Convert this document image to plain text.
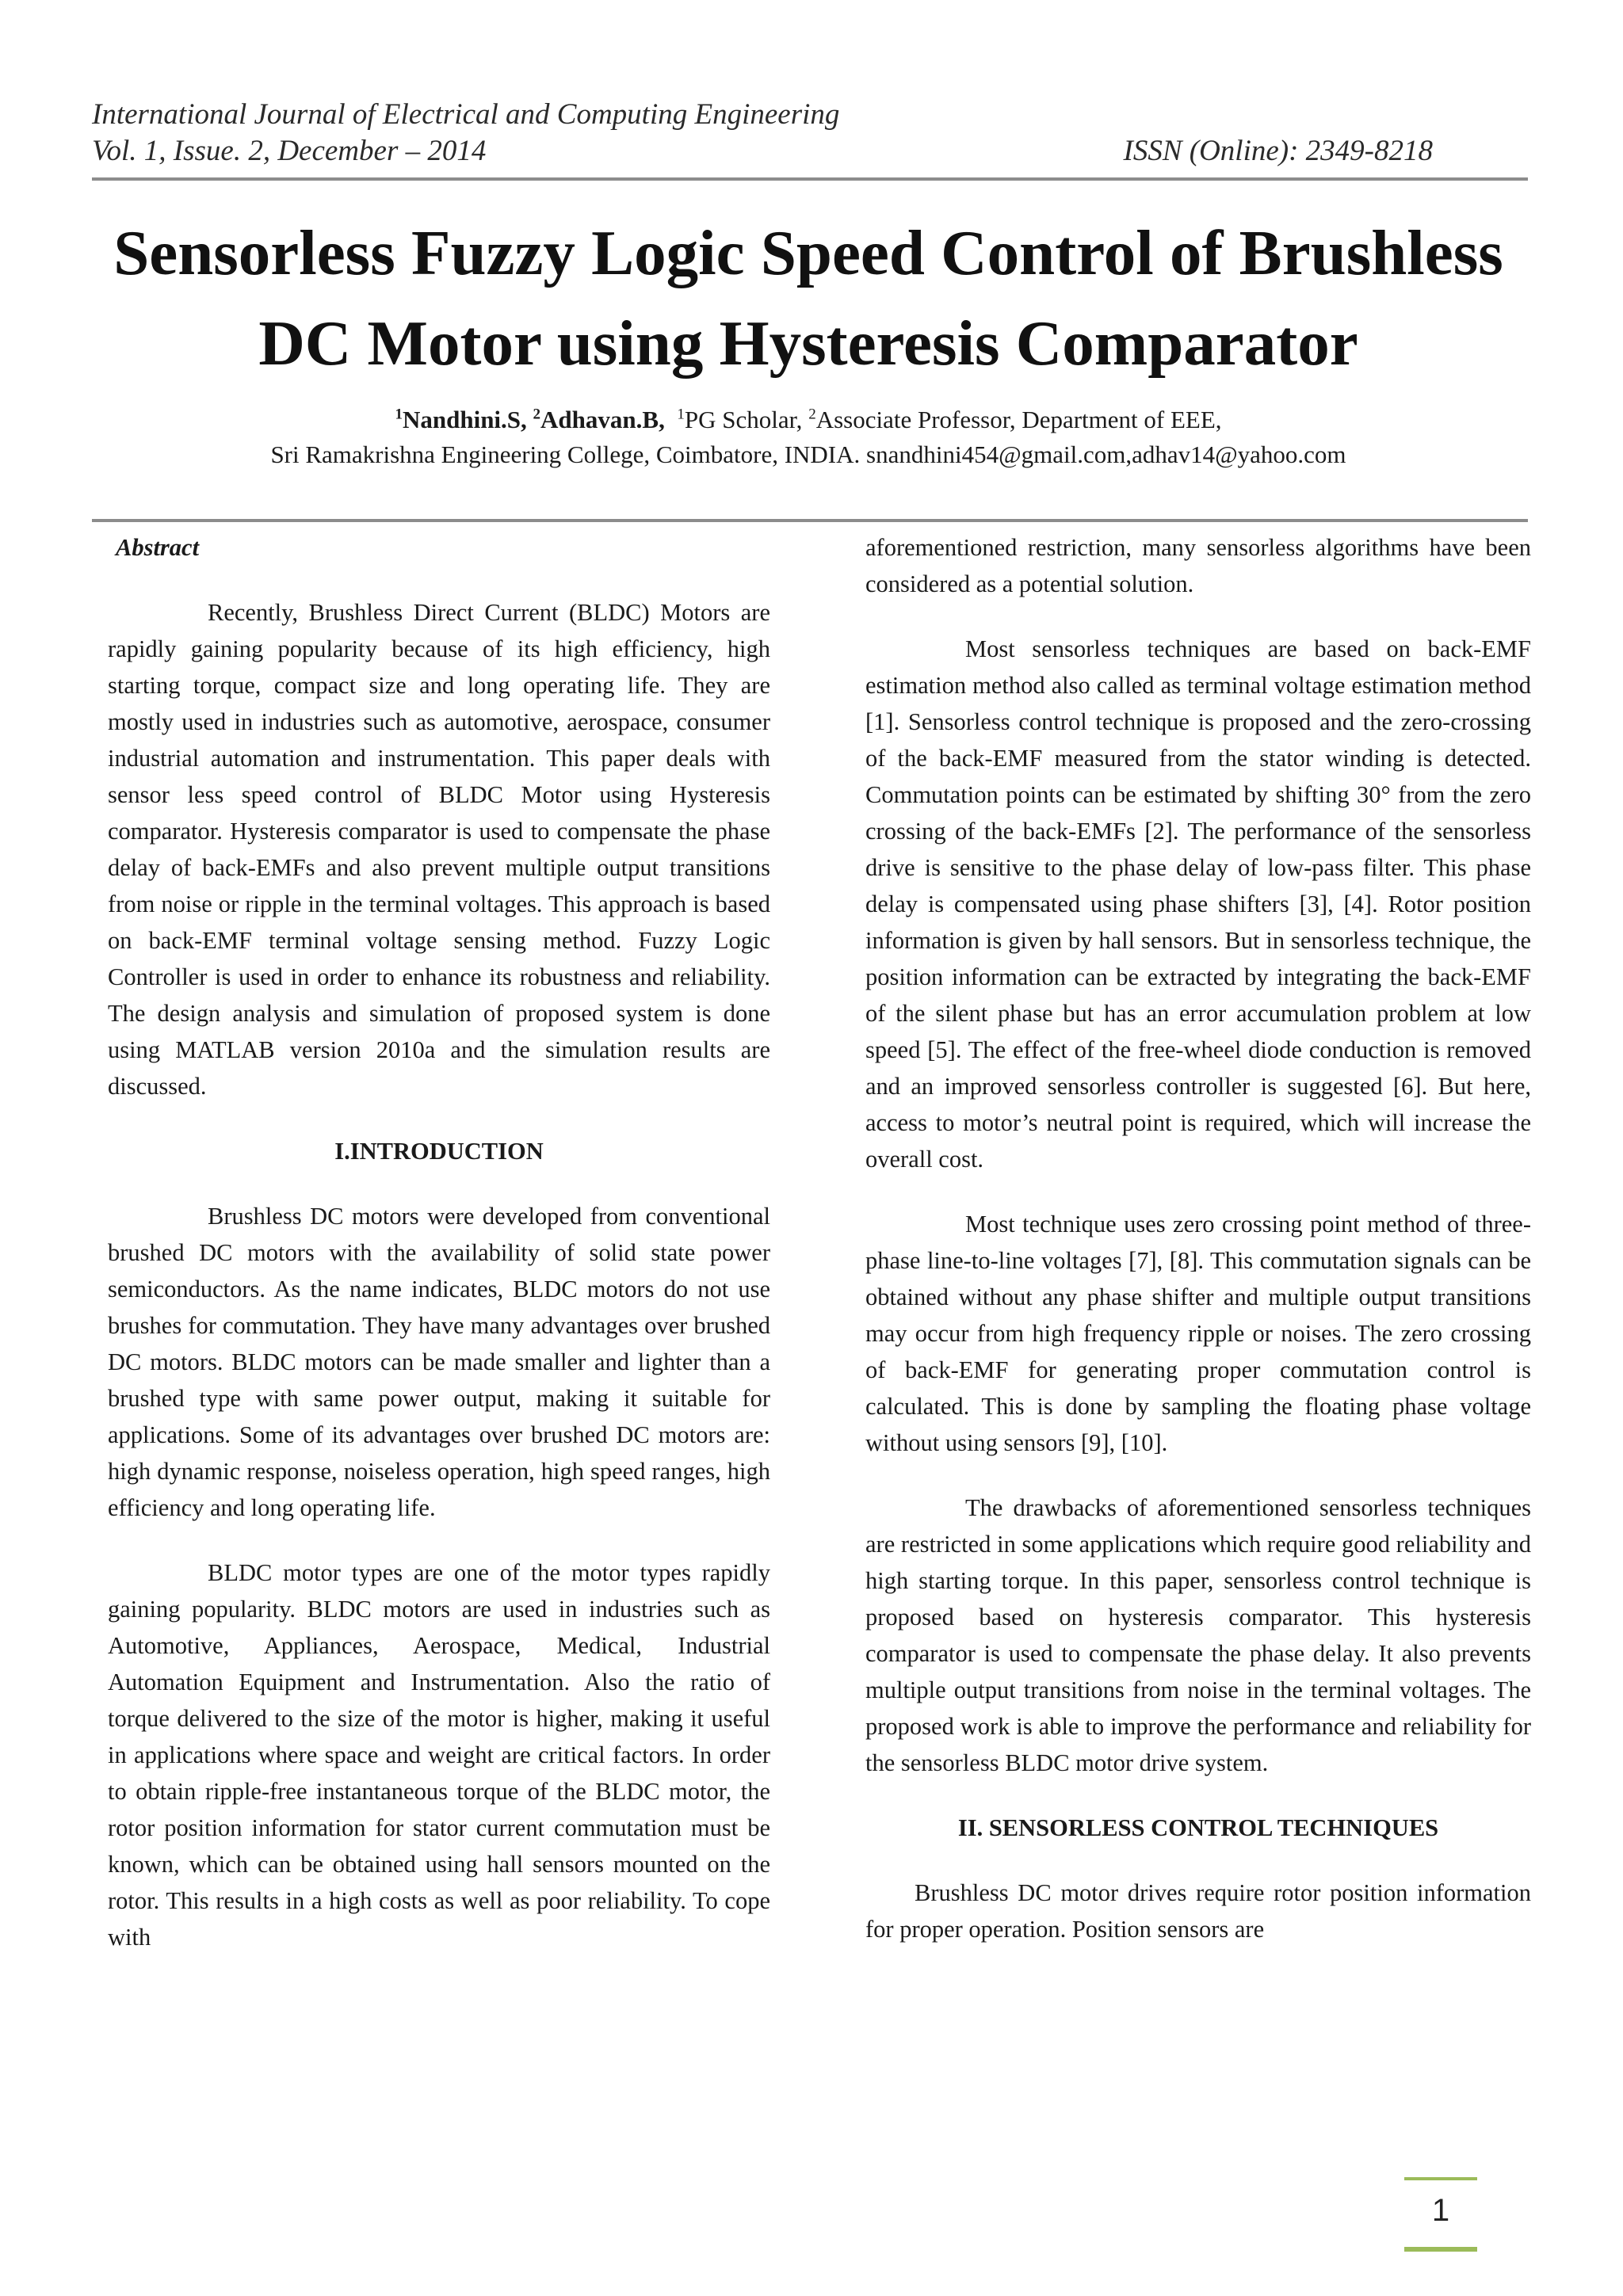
International Journal of Electrical and Computing Engineering
Vol. 1, Issue. 2, December – 2014	ISSN (Online): 2349-8218
Sensorless Fuzzy Logic Speed Control of Brushless
DC Motor using Hysteresis Comparator
$^1$Nandhini.S, $^2$Adhavan.B,  $^1$PG Scholar, $^2$Associate Professor, Department of EEE,
Sri Ramakrishna Engineering College, Coimbatore, INDIA. snandhini454@gmail.com,adhav14@yahoo.com
Abstract

Recently, Brushless Direct Current (BLDC) Motors are rapidly gaining popularity because of its high efficiency, high starting torque, compact size and long operating life. They are mostly used in industries such as automotive, aerospace, consumer industrial automation and instrumentation. This paper deals with sensor less speed control of BLDC Motor using Hysteresis comparator. Hysteresis comparator is used to compensate the phase delay of back-EMFs and also prevent multiple output transitions from noise or ripple in the terminal voltages. This approach is based on back-EMF terminal voltage sensing method. Fuzzy Logic Controller is used in order to enhance its robustness and reliability. The design analysis and simulation of proposed system is done using MATLAB version 2010a and the simulation results are discussed.

I.INTRODUCTION

Brushless DC motors were developed from conventional brushed DC motors with the availability of solid state power semiconductors. As the name indicates, BLDC motors do not use brushes for commutation. They have many advantages over brushed DC motors. BLDC motors can be made smaller and lighter than a brushed type with same power output, making it suitable for applications. Some of its advantages over brushed DC motors are: high dynamic response, noiseless operation, high speed ranges, high efficiency and long operating life.

BLDC motor types are one of the motor types rapidly gaining popularity. BLDC motors are used in industries such as Automotive, Appliances, Aerospace, Medical, Industrial Automation Equipment and Instrumentation. Also the ratio of torque delivered to the size of the motor is higher, making it useful in applications where space and weight are critical factors. In order to obtain ripple-free instantaneous torque of the BLDC motor, the rotor position information for stator current commutation must be known, which can be obtained using hall sensors mounted on the rotor. This results in a high costs as well as poor reliability. To cope with

aforementioned restriction, many sensorless algorithms have been considered as a potential solution.

Most sensorless techniques are based on back-EMF estimation method also called as terminal voltage estimation method [1]. Sensorless control technique is proposed and the zero-crossing of the back-EMF measured from the stator winding is detected. Commutation points can be estimated by shifting 30° from the zero crossing of the back-EMFs [2]. The performance of the sensorless drive is sensitive to the phase delay of low-pass filter. This phase delay is compensated using phase shifters [3], [4]. Rotor position information is given by hall sensors. But in sensorless technique, the position information can be extracted by integrating the back-EMF of the silent phase but has an error accumulation problem at low speed [5]. The effect of the free-wheel diode conduction is removed and an improved sensorless controller is suggested [6]. But here, access to motor’s neutral point is required, which will increase the overall cost.

Most technique uses zero crossing point method of three-phase line-to-line voltages [7], [8]. This commutation signals can be obtained without any phase shifter and multiple output transitions may occur from high frequency ripple or noises. The zero crossing of back-EMF for generating proper commutation control is calculated. This is done by sampling the floating phase voltage without using sensors [9], [10].

The drawbacks of aforementioned sensorless techniques are restricted in some applications which require good reliability and high starting torque. In this paper, sensorless control technique is proposed based on hysteresis comparator. This hysteresis comparator is used to compensate the phase delay. It also prevents multiple output transitions from noise in the terminal voltages. The proposed work is able to improve the performance and reliability for the sensorless BLDC motor drive system.

II. SENSORLESS CONTROL TECHNIQUES

Brushless DC motor drives require rotor position information for proper operation. Position sensors are

1
